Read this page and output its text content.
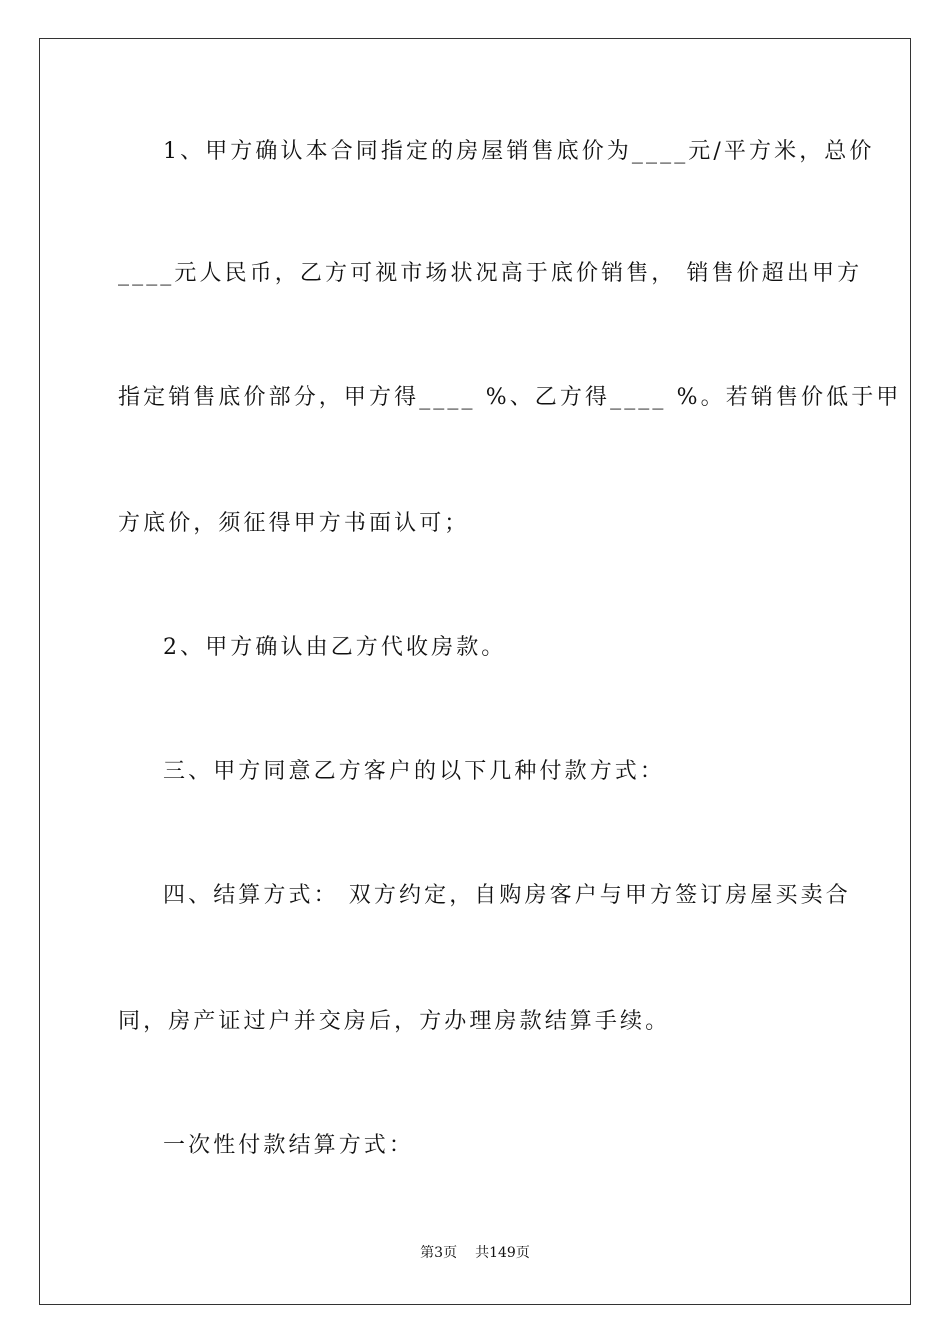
1、甲方确认本合同指定的房屋销售底价为____元/平方米，总价

____元人民币，乙方可视市场状况高于底价销售， 销售价超出甲方

指定销售底价部分，甲方得____ %、乙方得____ %。若销售价低于甲

方底价，须征得甲方书面认可；

2、甲方确认由乙方代收房款。

三、甲方同意乙方客户的以下几种付款方式：

四、结算方式： 双方约定，自购房客户与甲方签订房屋买卖合

同，房产证过户并交房后，方办理房款结算手续。

一次性付款结算方式：

第3页 共149页
